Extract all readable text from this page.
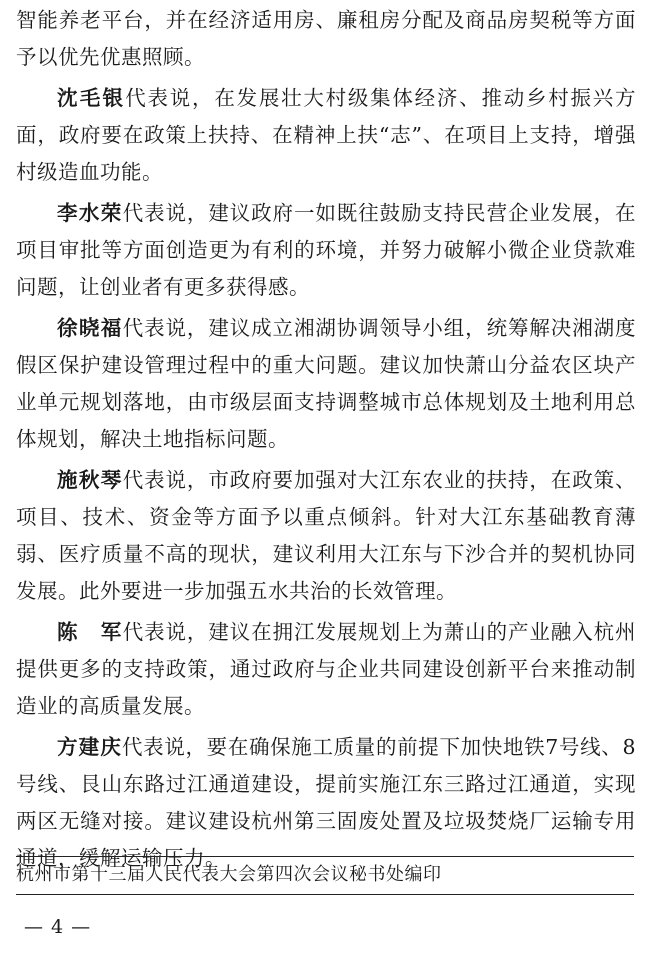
智能养老平台，并在经济适用房、廉租房分配及商品房契税等方面予以优先优惠照顾。

沈毛银代表说，在发展壮大村级集体经济、推动乡村振兴方面，政府要在政策上扶持、在精神上扶“志”、在项目上支持，增强村级造血功能。

李水荣代表说，建议政府一如既往鼓励支持民营企业发展，在项目审批等方面创造更为有利的环境，并努力破解小微企业贷款难问题，让创业者有更多获得感。

徐晓福代表说，建议成立湘湖协调领导小组，统筹解决湘湖度假区保护建设管理过程中的重大问题。建议加快萧山分益农区块产业单元规划落地，由市级层面支持调整城市总体规划及土地利用总体规划，解决土地指标问题。

施秋琴代表说，市政府要加强对大江东农业的扶持，在政策、项目、技术、资金等方面予以重点倾斜。针对大江东基础教育薄弱、医疗质量不高的现状，建议利用大江东与下沙合并的契机协同发展。此外要进一步加强五水共治的长效管理。

陈　军代表说，建议在拥江发展规划上为萧山的产业融入杭州提供更多的支持政策，通过政府与企业共同建设创新平台来推动制造业的高质量发展。

方建庆代表说，要在确保施工质量的前提下加快地铁7号线、8号线、艮山东路过江通道建设，提前实施江东三路过江通道，实现两区无缝对接。建议建设杭州第三固废处置及垃圾焚烧厂运输专用通道，缓解运输压力。

杭州市第十三届人民代表大会第四次会议秘书处编印
— 4 —
